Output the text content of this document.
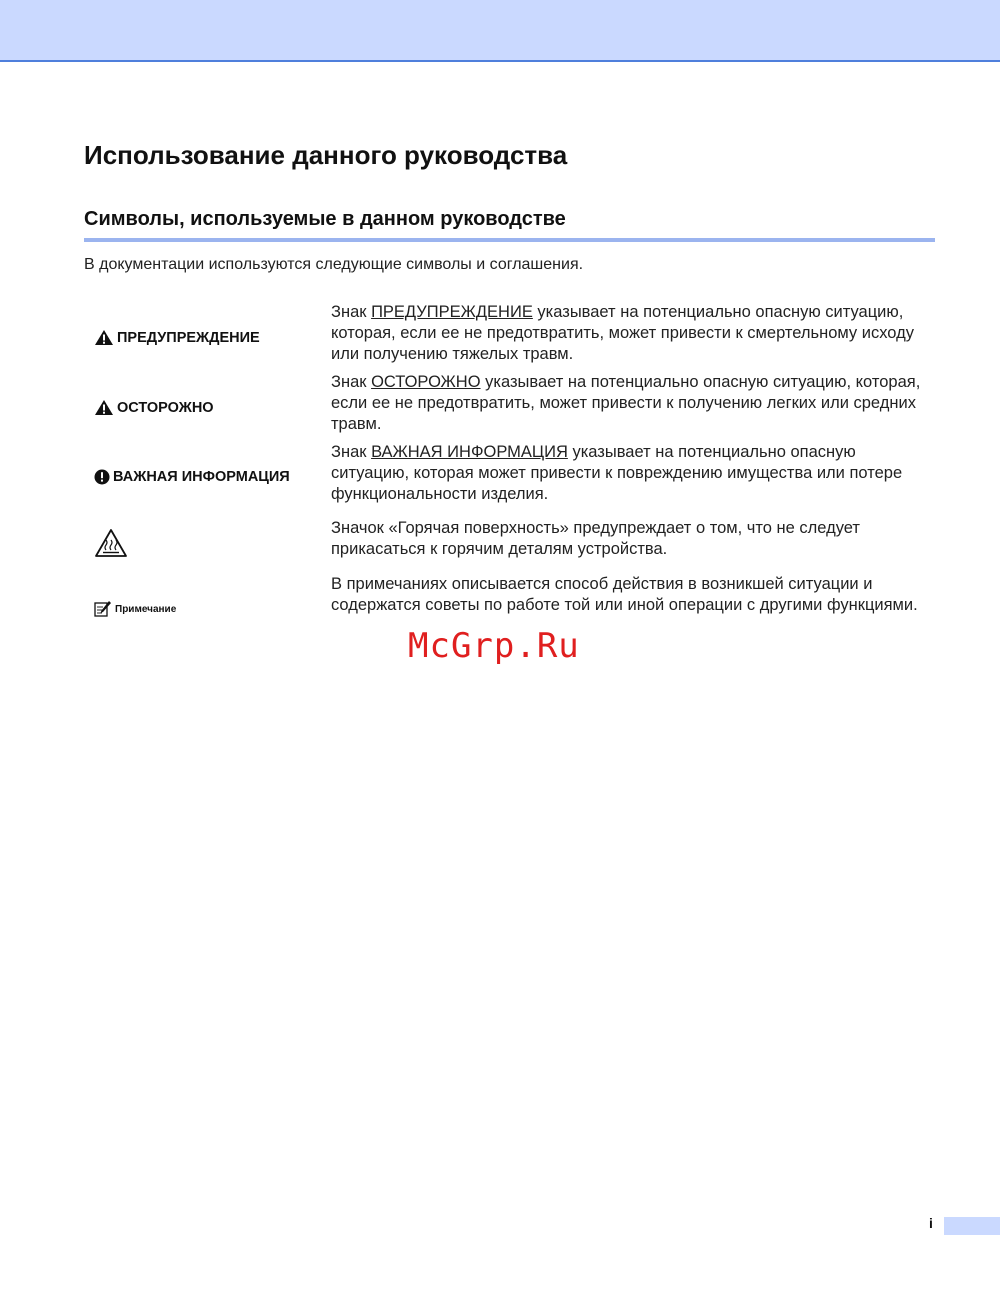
Использование данного руководства
Символы, используемые в данном руководстве

В документации используются следующие символы и соглашения.

ПРЕДУПРЕЖДЕНИЕ

Знак ПРЕДУПРЕЖДЕНИЕ указывает на потенциально опасную ситуацию, которая, если ее не предотвратить, может привести к смертельному исходу или получению тяжелых травм.

ОСТОРОЖНО

Знак ОСТОРОЖНО указывает на потенциально опасную ситуацию, которая, если ее не предотвратить, может привести к получению легких или средних травм.

ВАЖНАЯ ИНФОРМАЦИЯ

Знак ВАЖНАЯ ИНФОРМАЦИЯ указывает на потенциально опасную ситуацию, которая может привести к повреждению имущества или потере функциональности изделия.

Значок «Горячая поверхность» предупреждает о том, что не следует прикасаться к горячим деталям устройства.

Примечание

В примечаниях описывается способ действия в возникшей ситуации и содержатся советы по работе той или иной операции с другими функциями.

McGrp.Ru
i
